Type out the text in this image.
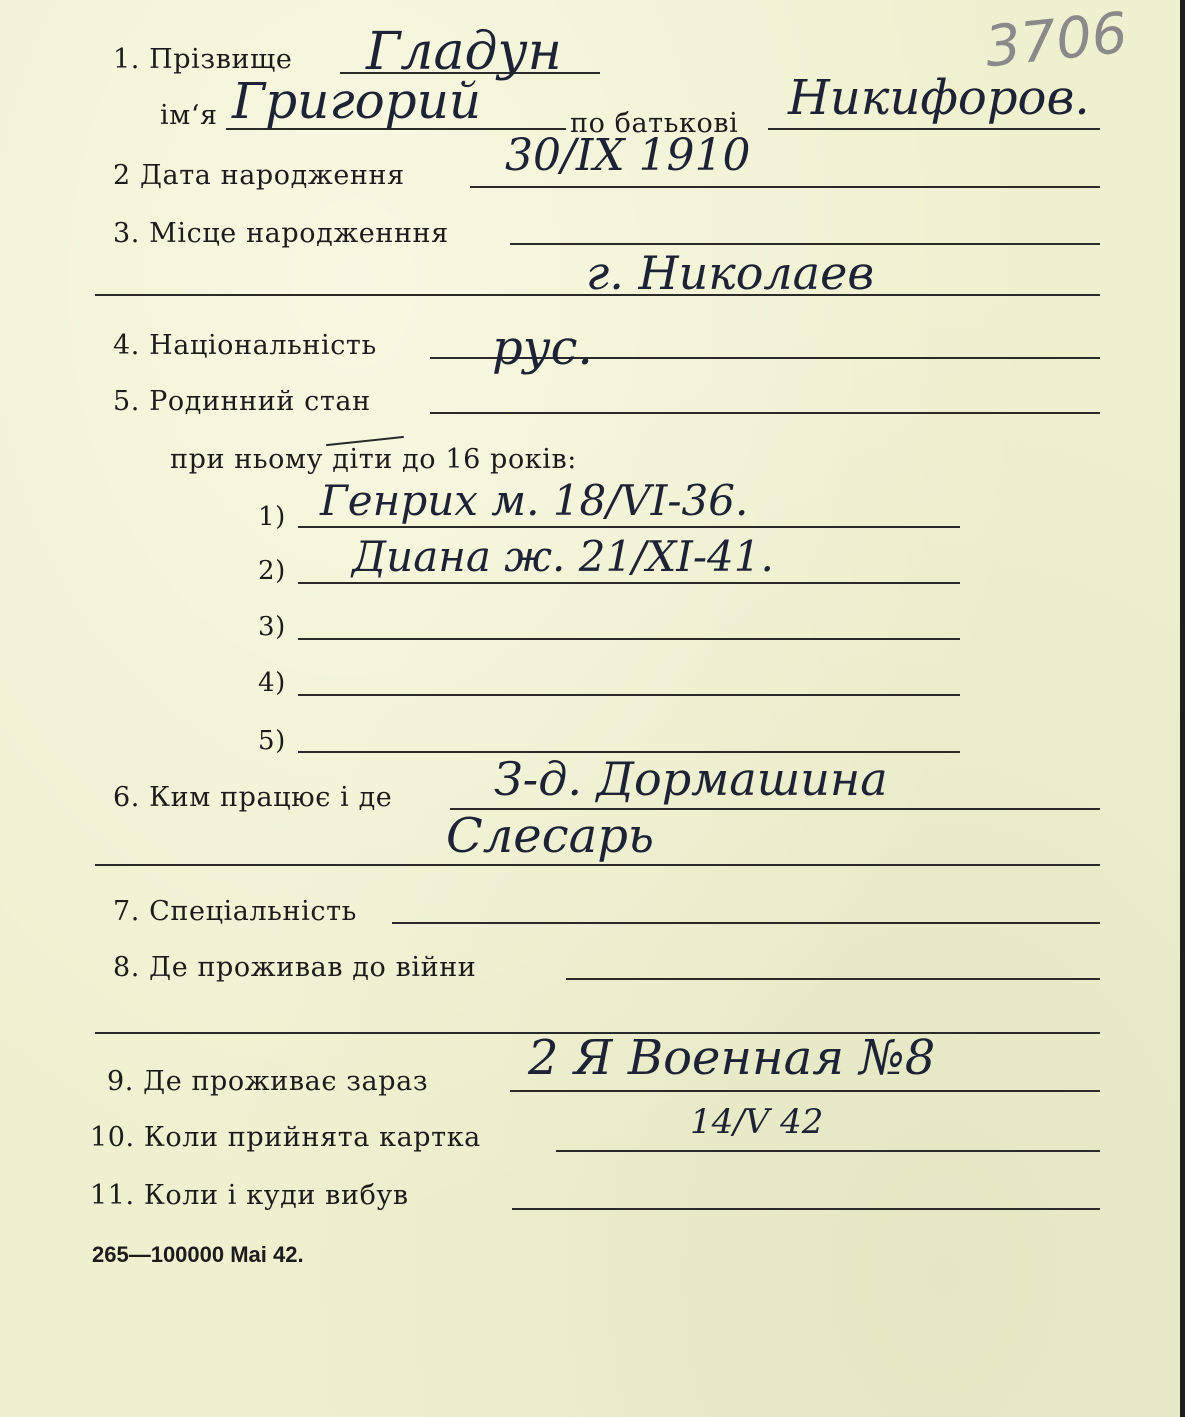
3706
1. Прізвище Гладун
ім‘я Григорий	по батькові Никифоров.
2 Дата народження 30/IX 1910
3. Місце народженння
г. Николаев
4. Національність рус.
5. Родинний стан
при ньому діти до 16 років:
1) Генрих м. 18/VI-36.
2) Диана ж. 21/XI-41.
3)
4)
5)
6. Ким працює і де З-д. Дормашина
Слесарь
7. Спеціальність
8. Де проживав до війни
9. Де проживає зараз 2 Я Военная №8
10. Коли прийнята картка	14/V 42
11. Коли і куди вибув
265—100000 Mai 42.
